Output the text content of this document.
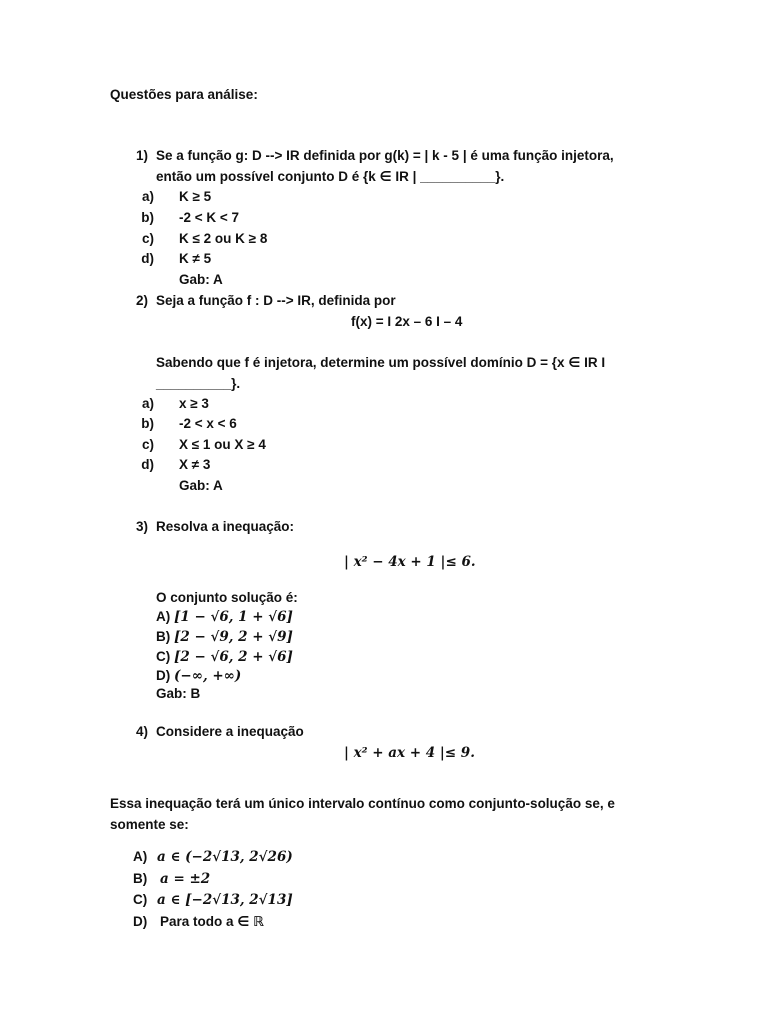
Questões para análise:
1) Se a função g: D --> IR definida por g(k) = | k - 5 | é uma função injetora,
então um possível conjunto D é {k ∈ IR | __________}.
a) K ≥ 5
b) -2 < K < 7
c) K ≤ 2 ou K ≥ 8
d) K ≠ 5
Gab: A
2) Seja a função f : D --> IR, definida por
f(x) = I 2x – 6 I – 4
Sabendo que f é injetora, determine um possível domínio D = {x ∈ IR I
__________}.
a) x ≥ 3
b) -2 < x < 6
c) X ≤ 1 ou X ≥ 4
d) X ≠ 3
Gab: A
3) Resolva a inequação:
| x² − 4x + 1 |≤ 6.
O conjunto solução é:
A) [1 − √6, 1 + √6]
B) [2 − √9, 2 + √9]
C) [2 − √6, 2 + √6]
D) (−∞, +∞)
Gab: B
4) Considere a inequação
| x² + ax + 4 |≤ 9.
Essa inequação terá um único intervalo contínuo como conjunto-solução se, e
somente se:
A) a ∈ (−2√13, 2√26)
B) a = ±2
C) a ∈ [−2√13, 2√13]
D) Para todo a ∈ ℝ
